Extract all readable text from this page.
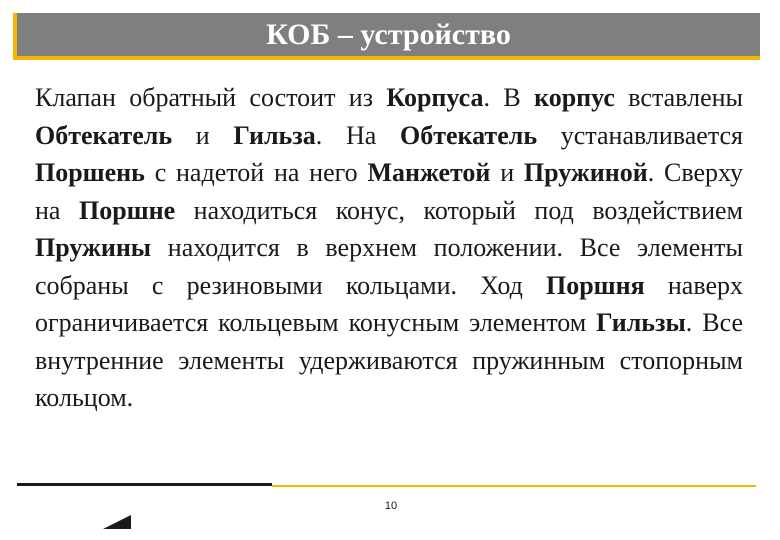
КОБ – устройство
Клапан обратный состоит из Корпуса. В корпус вставлены Обтекатель и Гильза. На Обтекатель устанавливается Поршень с надетой на него Манжетой и Пружиной. Сверху на Поршне находиться конус, который под воздействием Пружины находится в верхнем положении. Все элементы собраны с резиновыми кольцами. Ход Поршня наверх ограничивается кольцевым конусным элементом Гильзы. Все внутренние элементы удерживаются пружинным стопорным кольцом.
10
